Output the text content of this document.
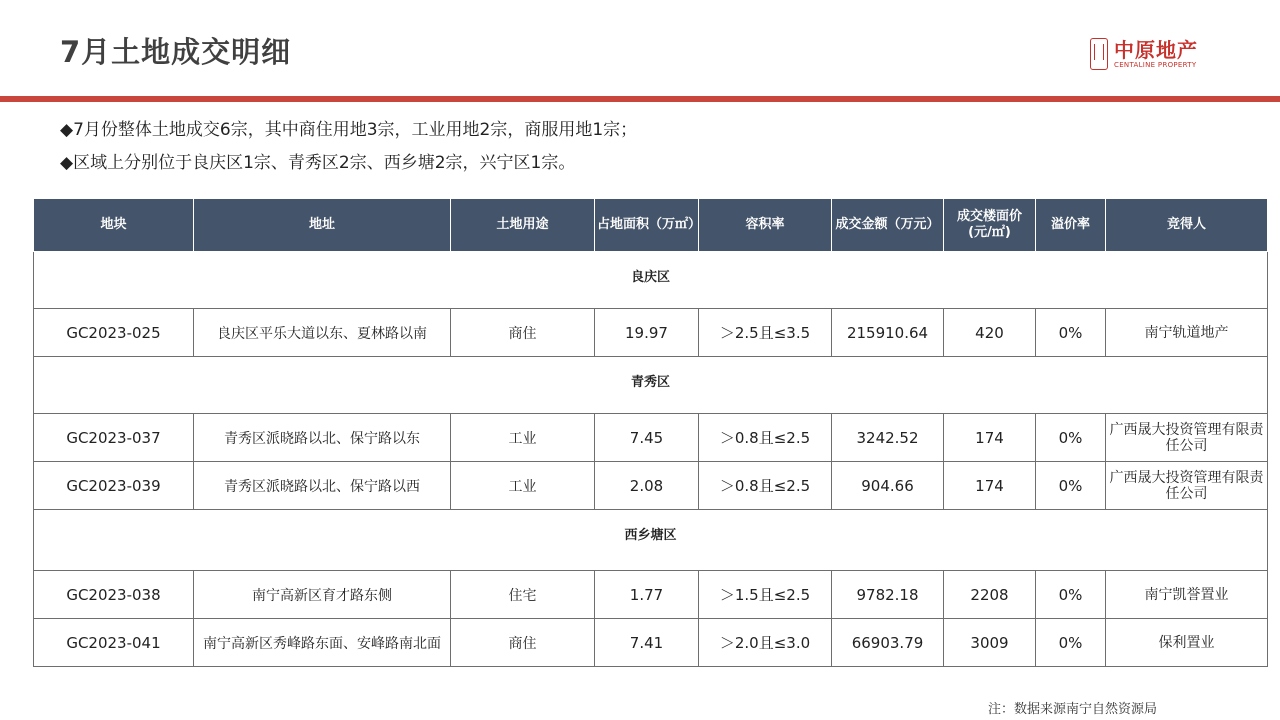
7月土地成交明细	中原地产
CENTALINE PROPERTY
◆7月份整体土地成交6宗，其中商住用地3宗，工业用地2宗，商服用地1宗；
◆区域上分别位于良庆区1宗、青秀区2宗、西乡塘2宗，兴宁区1宗。
地块	地址	土地用途	占地面积（万㎡）	容积率	成交金额（万元）	成交楼面价(元/㎡)	溢价率	竞得人
良庆区								
GC2023-025	良庆区平乐大道以东、夏林路以南	商住	19.97	＞2.5且≤3.5	215910.64	420	0%	南宁轨道地产
青秀区								
GC2023-037	青秀区派晓路以北、保宁路以东	工业	7.45	＞0.8且≤2.5	3242.52	174	0%	广西晟大投资管理有限责任公司
GC2023-039	青秀区派晓路以北、保宁路以西	工业	2.08	＞0.8且≤2.5	904.66	174	0%	广西晟大投资管理有限责任公司
西乡塘区								
GC2023-038	南宁高新区育才路东侧	住宅	1.77	＞1.5且≤2.5	9782.18	2208	0%	南宁凯誉置业
GC2023-041	南宁高新区秀峰路东面、安峰路南北面	商住	7.41	＞2.0且≤3.0	66903.79	3009	0%	保利置业
注：数据来源南宁自然资源局
